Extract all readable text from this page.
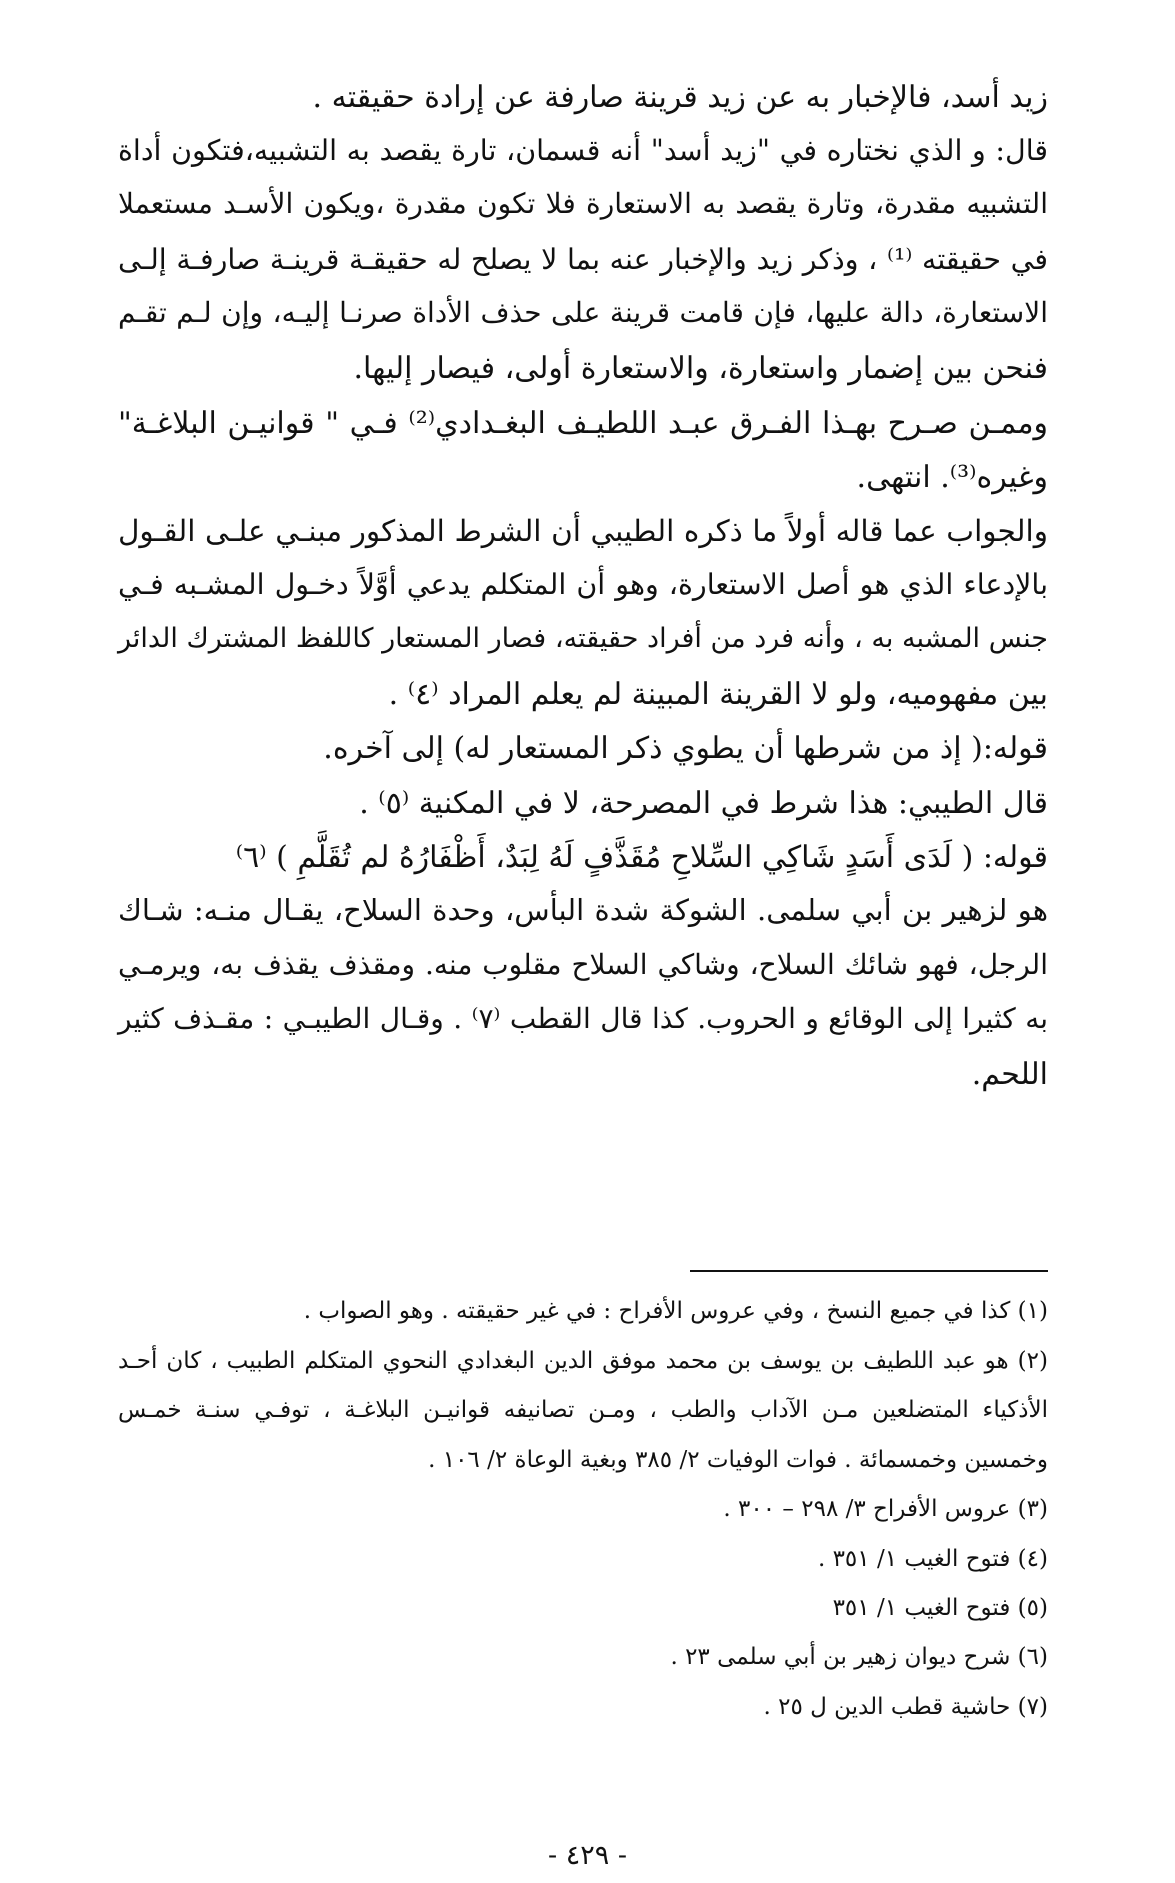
زيد أسد، فالإخبار به عن زيد قرينة صارفة عن إرادة حقيقته .

قال: و الذي نختاره في "زيد أسد" أنه قسمان، تارة يقصد به التشبيه،فتكون أداة

التشبيه مقدرة، وتارة يقصد به الاستعارة فلا تكون مقدرة ،ويكون الأسـد مستعملا

في حقيقته ⁽¹⁾ ، وذكر زيد والإخبار عنه بما لا يصلح له حقيقـة قرينـة صارفـة إلـى

الاستعارة، دالة عليها، فإن قامت قرينة على حذف الأداة صرنـا إليـه، وإن لـم تقـم

فنحن بين إضمار واستعارة، والاستعارة أولى، فيصار إليها.

وممـن صـرح بهـذا الفـرق عبـد اللطيـف البغـدادي⁽²⁾ فـي " قوانيـن البلاغـة"

وغيره⁽³⁾. انتهى.

والجواب عما قاله أولاً ما ذكره الطيبي أن الشرط المذكور مبنـي علـى القـول

بالإدعاء الذي هو أصل الاستعارة، وهو أن المتكلم يدعي أوَّلاً دخـول المشـبه فـي

جنس المشبه به ، وأنه فرد من أفراد حقيقته، فصار المستعار كاللفظ المشترك الدائر

بين مفهوميه، ولو لا القرينة المبينة لم يعلم المراد ⁽٤⁾ .

قوله:( إذ من شرطها أن يطوي ذكر المستعار له) إلى آخره.

قال الطيبي: هذا شرط في المصرحة، لا في المكنية ⁽٥⁾ .

قوله: ( لَدَى أَسَدٍ شَاكِي السِّلاحِ مُقَذَّفٍ لَهُ لِبَدٌ، أَظْفَارُهُ لم تُقَلَّمِ ) ⁽٦⁾

هو لزهير بن أبي سلمى. الشوكة شدة البأس، وحدة السلاح، يقـال منـه: شـاك

الرجل، فهو شائك السلاح، وشاكي السلاح مقلوب منه. ومقذف يقذف به، ويرمـي

به كثيرا إلى الوقائع و الحروب. كذا قال القطب ⁽٧⁾ . وقـال الطيبـي : مقـذف كثير

اللحم.

(١) كذا في جميع النسخ ، وفي عروس الأفراح : في غير حقيقته . وهو الصواب .

(٢) هو عبد اللطيف بن يوسف بن محمد موفق الدين البغدادي النحوي المتكلم الطبيب ، كان أحـد

الأذكياء المتضلعين مـن الآداب والطب ، ومـن تصانيفه قوانيـن البلاغـة ، توفـي سنـة خمـس

وخمسين وخمسمائة . فوات الوفيات ٢/ ٣٨٥ وبغية الوعاة ٢/ ١٠٦ .

(٣) عروس الأفراح ٣/ ٢٩٨ – ٣٠٠ .

(٤) فتوح الغيب ١/ ٣٥١ .

(٥) فتوح الغيب ١/ ٣٥١

(٦) شرح ديوان زهير بن أبي سلمى ٢٣ .

(٧) حاشية قطب الدين ل ٢٥ .

- ٤٢٩ -
